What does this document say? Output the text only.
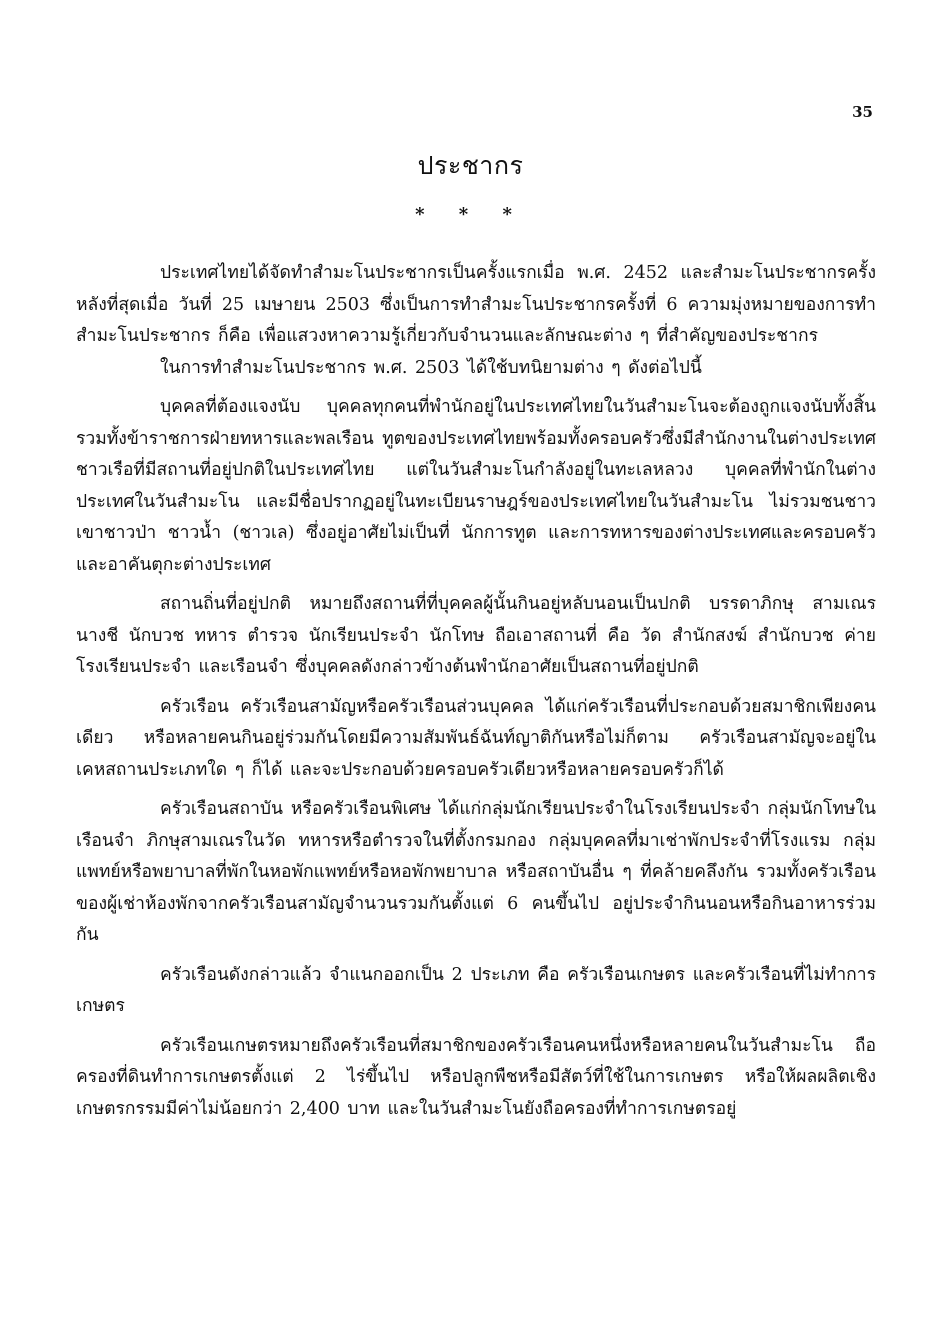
35
ประชากร
* * *

ประเทศไทยได้จัดทำสำมะโนประชากรเป็นครั้งแรกเมื่อ พ.ศ. 2452 และสำมะโนประชากรครั้งหลังที่สุดเมื่อ วันที่ 25 เมษายน 2503 ซึ่งเป็นการทำสำมะโนประชากรครั้งที่ 6 ความมุ่งหมายของการทำสำมะโนประชากร ก็คือ เพื่อแสวงหาความรู้เกี่ยวกับจำนวนและลักษณะต่าง ๆ ที่สำคัญของประชากร

ในการทำสำมะโนประชากร พ.ศ. 2503 ได้ใช้บทนิยามต่าง ๆ ดังต่อไปนี้

บุคคลที่ต้องแจงนับ บุคคลทุกคนที่พำนักอยู่ในประเทศไทยในวันสำมะโนจะต้องถูกแจงนับทั้งสิ้น รวมทั้งข้าราชการฝ่ายทหารและพลเรือน ทูตของประเทศไทยพร้อมทั้งครอบครัวซึ่งมีสำนักงานในต่างประเทศ ชาวเรือที่มีสถานที่อยู่ปกติในประเทศไทย แต่ในวันสำมะโนกำลังอยู่ในทะเลหลวง บุคคลที่พำนักในต่างประเทศในวันสำมะโน และมีชื่อปรากฏอยู่ในทะเบียนราษฎร์ของประเทศไทยในวันสำมะโน ไม่รวมชนชาวเขาชาวป่า ชาวน้ำ (ชาวเล) ซึ่งอยู่อาศัยไม่เป็นที่ นักการทูต และการทหารของต่างประเทศและครอบครัว และอาคันตุกะต่างประเทศ

สถานถิ่นที่อยู่ปกติ หมายถึงสถานที่ที่บุคคลผู้นั้นกินอยู่หลับนอนเป็นปกติ บรรดาภิกษุ สามเณร นางชี นักบวช ทหาร ตำรวจ นักเรียนประจำ นักโทษ ถือเอาสถานที่ คือ วัด สำนักสงฆ์ สำนักบวช ค่าย โรงเรียนประจำ และเรือนจำ ซึ่งบุคคลดังกล่าวข้างต้นพำนักอาศัยเป็นสถานที่อยู่ปกติ

ครัวเรือน ครัวเรือนสามัญหรือครัวเรือนส่วนบุคคล ได้แก่ครัวเรือนที่ประกอบด้วยสมาชิกเพียงคนเดียว หรือหลายคนกินอยู่ร่วมกันโดยมีความสัมพันธ์ฉันท์ญาติกันหรือไม่ก็ตาม ครัวเรือนสามัญจะอยู่ในเคหสถานประเภทใด ๆ ก็ได้ และจะประกอบด้วยครอบครัวเดียวหรือหลายครอบครัวก็ได้

ครัวเรือนสถาบัน หรือครัวเรือนพิเศษ ได้แก่กลุ่มนักเรียนประจำในโรงเรียนประจำ กลุ่มนักโทษในเรือนจำ ภิกษุสามเณรในวัด ทหารหรือตำรวจในที่ตั้งกรมกอง กลุ่มบุคคลที่มาเช่าพักประจำที่โรงแรม กลุ่มแพทย์หรือพยาบาลที่พักในหอพักแพทย์หรือหอพักพยาบาล หรือสถาบันอื่น ๆ ที่คล้ายคลึงกัน รวมทั้งครัวเรือนของผู้เช่าห้องพักจากครัวเรือนสามัญจำนวนรวมกันตั้งแต่ 6 คนขึ้นไป อยู่ประจำกินนอนหรือกินอาหารร่วมกัน

ครัวเรือนดังกล่าวแล้ว จำแนกออกเป็น 2 ประเภท คือ ครัวเรือนเกษตร และครัวเรือนที่ไม่ทำการเกษตร

ครัวเรือนเกษตรหมายถึงครัวเรือนที่สมาชิกของครัวเรือนคนหนึ่งหรือหลายคนในวันสำมะโน ถือครองที่ดินทำการเกษตรตั้งแต่ 2 ไร่ขึ้นไป หรือปลูกพืชหรือมีสัตว์ที่ใช้ในการเกษตร หรือให้ผลผลิตเชิงเกษตรกรรมมีค่าไม่น้อยกว่า 2,400 บาท และในวันสำมะโนยังถือครองที่ทำการเกษตรอยู่
